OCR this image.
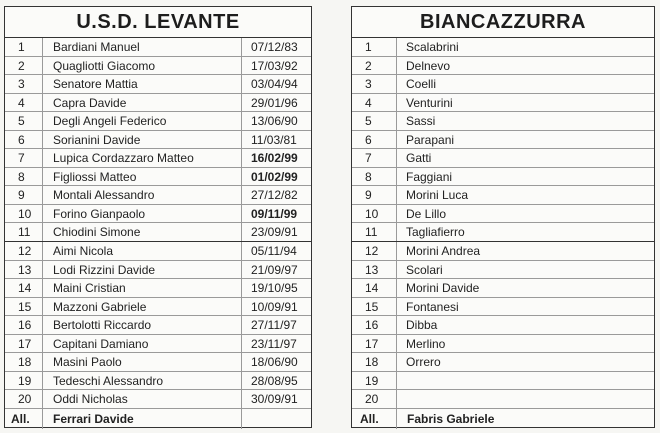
U.S.D. LEVANTE
1	Bardiani Manuel	07/12/83
2	Quagliotti Giacomo	17/03/92
3	Senatore Mattia	03/04/94
4	Capra Davide	29/01/96
5	Degli Angeli Federico	13/06/90
6	Sorianini Davide	11/03/81
7	Lupica Cordazzaro Matteo	16/02/99
8	Figliossi Matteo	01/02/99
9	Montali Alessandro	27/12/82
10	Forino Gianpaolo	09/11/99
11	Chiodini Simone	23/09/91
12	Aimi Nicola	05/11/94
13	Lodi Rizzini Davide	21/09/97
14	Maini Cristian	19/10/95
15	Mazzoni Gabriele	10/09/91
16	Bertolotti Riccardo	27/11/97
17	Capitani Damiano	23/11/97
18	Masini Paolo	18/06/90
19	Tedeschi Alessandro	28/08/95
20	Oddi Nicholas	30/09/91
All.	Ferrari Davide
BIANCAZZURRA
1	Scalabrini
2	Delnevo
3	Coelli
4	Venturini
5	Sassi
6	Parapani
7	Gatti
8	Faggiani
9	Morini Luca
10	De Lillo
11	Tagliafierro
12	Morini Andrea
13	Scolari
14	Morini Davide
15	Fontanesi
16	Dibba
17	Merlino
18	Orrero
19
20
All.	Fabris Gabriele
